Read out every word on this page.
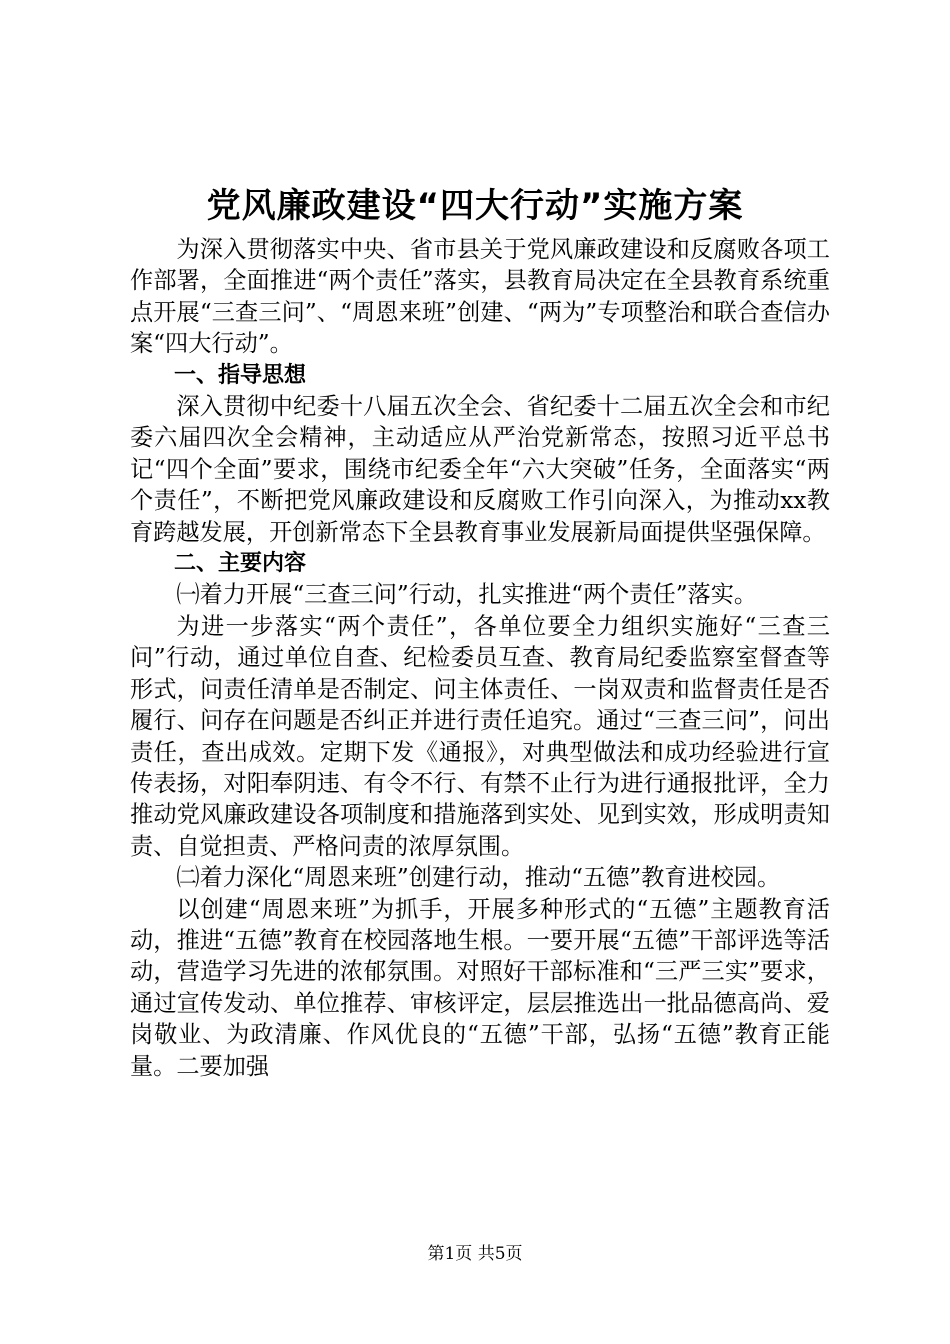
党风廉政建设“四大行动”实施方案

为深入贯彻落实中央、省市县关于党风廉政建设和反腐败各项工作部署，全面推进“两个责任”落实，县教育局决定在全县教育系统重点开展“三查三问”、“周恩来班”创建、“两为”专项整治和联合查信办案“四大行动”。

一、指导思想

深入贯彻中纪委十八届五次全会、省纪委十二届五次全会和市纪委六届四次全会精神，主动适应从严治党新常态，按照习近平总书记“四个全面”要求，围绕市纪委全年“六大突破”任务，全面落实“两个责任”，不断把党风廉政建设和反腐败工作引向深入，为推动xx教育跨越发展，开创新常态下全县教育事业发展新局面提供坚强保障。

二、主要内容

㈠着力开展“三查三问”行动，扎实推进“两个责任”落实。

为进一步落实“两个责任”，各单位要全力组织实施好“三查三问”行动，通过单位自查、纪检委员互查、教育局纪委监察室督查等形式，问责任清单是否制定、问主体责任、一岗双责和监督责任是否履行、问存在问题是否纠正并进行责任追究。通过“三查三问”，问出责任，查出成效。定期下发《通报》，对典型做法和成功经验进行宣传表扬，对阳奉阴违、有令不行、有禁不止行为进行通报批评，全力推动党风廉政建设各项制度和措施落到实处、见到实效，形成明责知责、自觉担责、严格问责的浓厚氛围。

㈡着力深化“周恩来班”创建行动，推动“五德”教育进校园。

以创建“周恩来班”为抓手，开展多种形式的“五德”主题教育活动，推进“五德”教育在校园落地生根。一要开展“五德”干部评选等活动，营造学习先进的浓郁氛围。对照好干部标准和“三严三实”要求，通过宣传发动、单位推荐、审核评定，层层推选出一批品德高尚、爱岗敬业、为政清廉、作风优良的“五德”干部，弘扬“五德”教育正能量。二要加强

第1页 共5页
